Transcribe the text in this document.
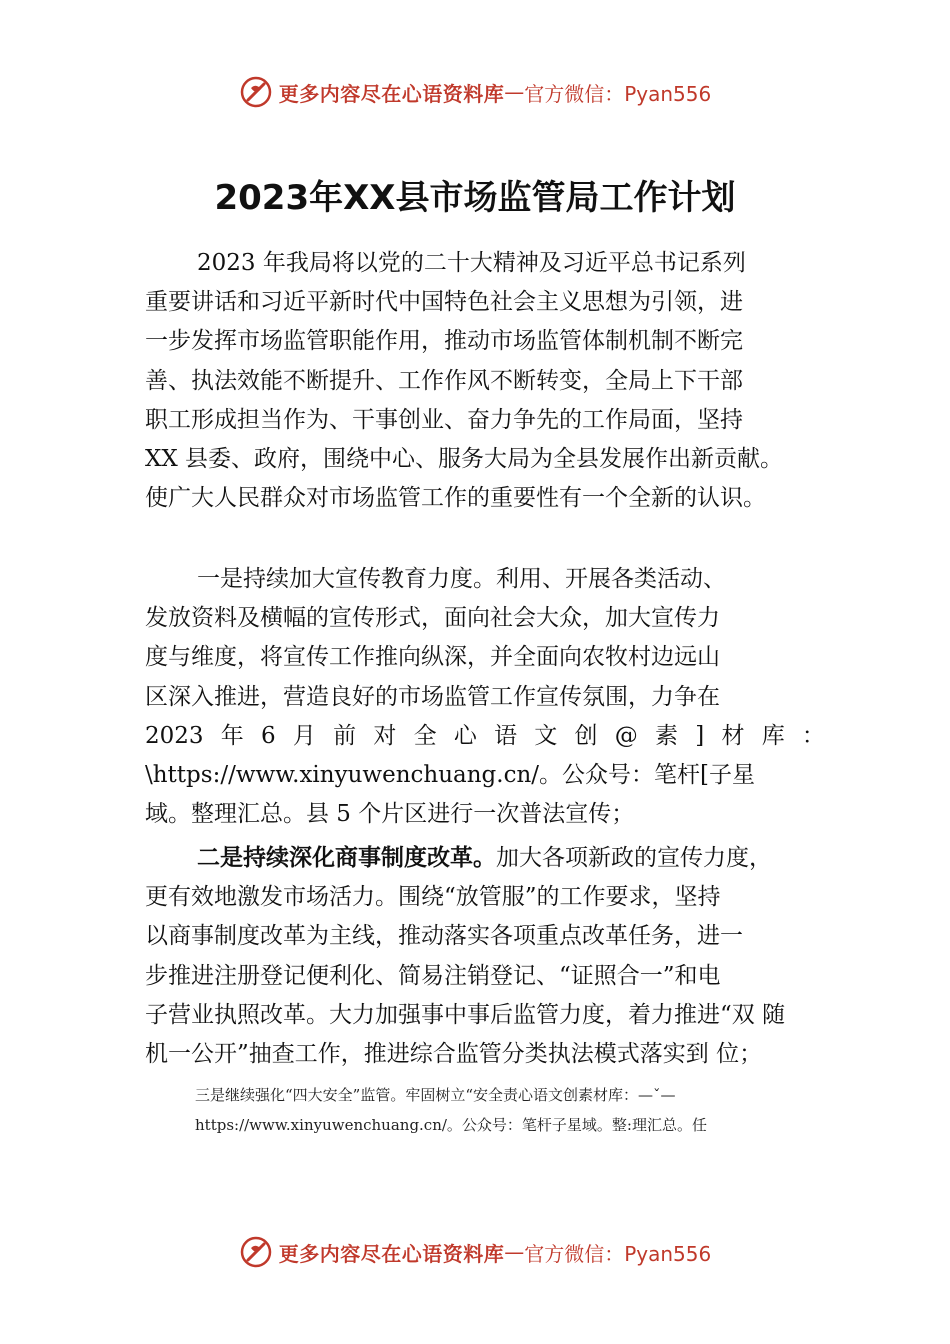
更多内容尽在心语资料库 — 官方微信：Pyan556
2023年XX县市场监管局工作计划
2023 年我局将以党的二十大精神及习近平总书记系列
重要讲话和习近平新时代中国特色社会主义思想为引领，进
一步发挥市场监管职能作用，推动市场监管体制机制不断完
善、执法效能不断提升、工作作风不断转变，全局上下干部
职工形成担当作为、干事创业、奋力争先的工作局面，坚持
XX 县委、政府，围绕中心、服务大局为全县发展作出新贡献。
使广大人民群众对市场监管工作的重要性有一个全新的认识。
一是持续加大宣传教育力度。利用、开展各类活动、
发放资料及横幅的宣传形式，面向社会大众，加大宣传力
度与维度，将宣传工作推向纵深，并全面向农牧村边远山
区深入推进，营造良好的市场监管工作宣传氛围，力争在
2023 年 6 月 前 对 全 心 语 文 创 @ 素 ] 材 库 ：
\https://www.xinyuwenchuang.cn/。公众号：笔杆[子星
域。整理汇总。县 5 个片区进行一次普法宣传；
二是持续深化商事制度改革。加大各项新政的宣传力度，
更有效地激发市场活力。围绕“放管服”的工作要求，坚持
以商事制度改革为主线，推动落实各项重点改革任务，进一
步推进注册登记便利化、简易注销登记、“证照合一”和电
子营业执照改革。大力加强事中事后监管力度，着力推进“双 随
机一公开”抽查工作，推进综合监管分类执法模式落实到 位；
三是继续强化“四大安全”监管。牢固树立“安全责心语文创素材库：—ˇ—
https://www.xinyuwenchuang.cn/。公众号：笔杆子星域。整:理汇总。任
更多内容尽在心语资料库 — 官方微信：Pyan556
